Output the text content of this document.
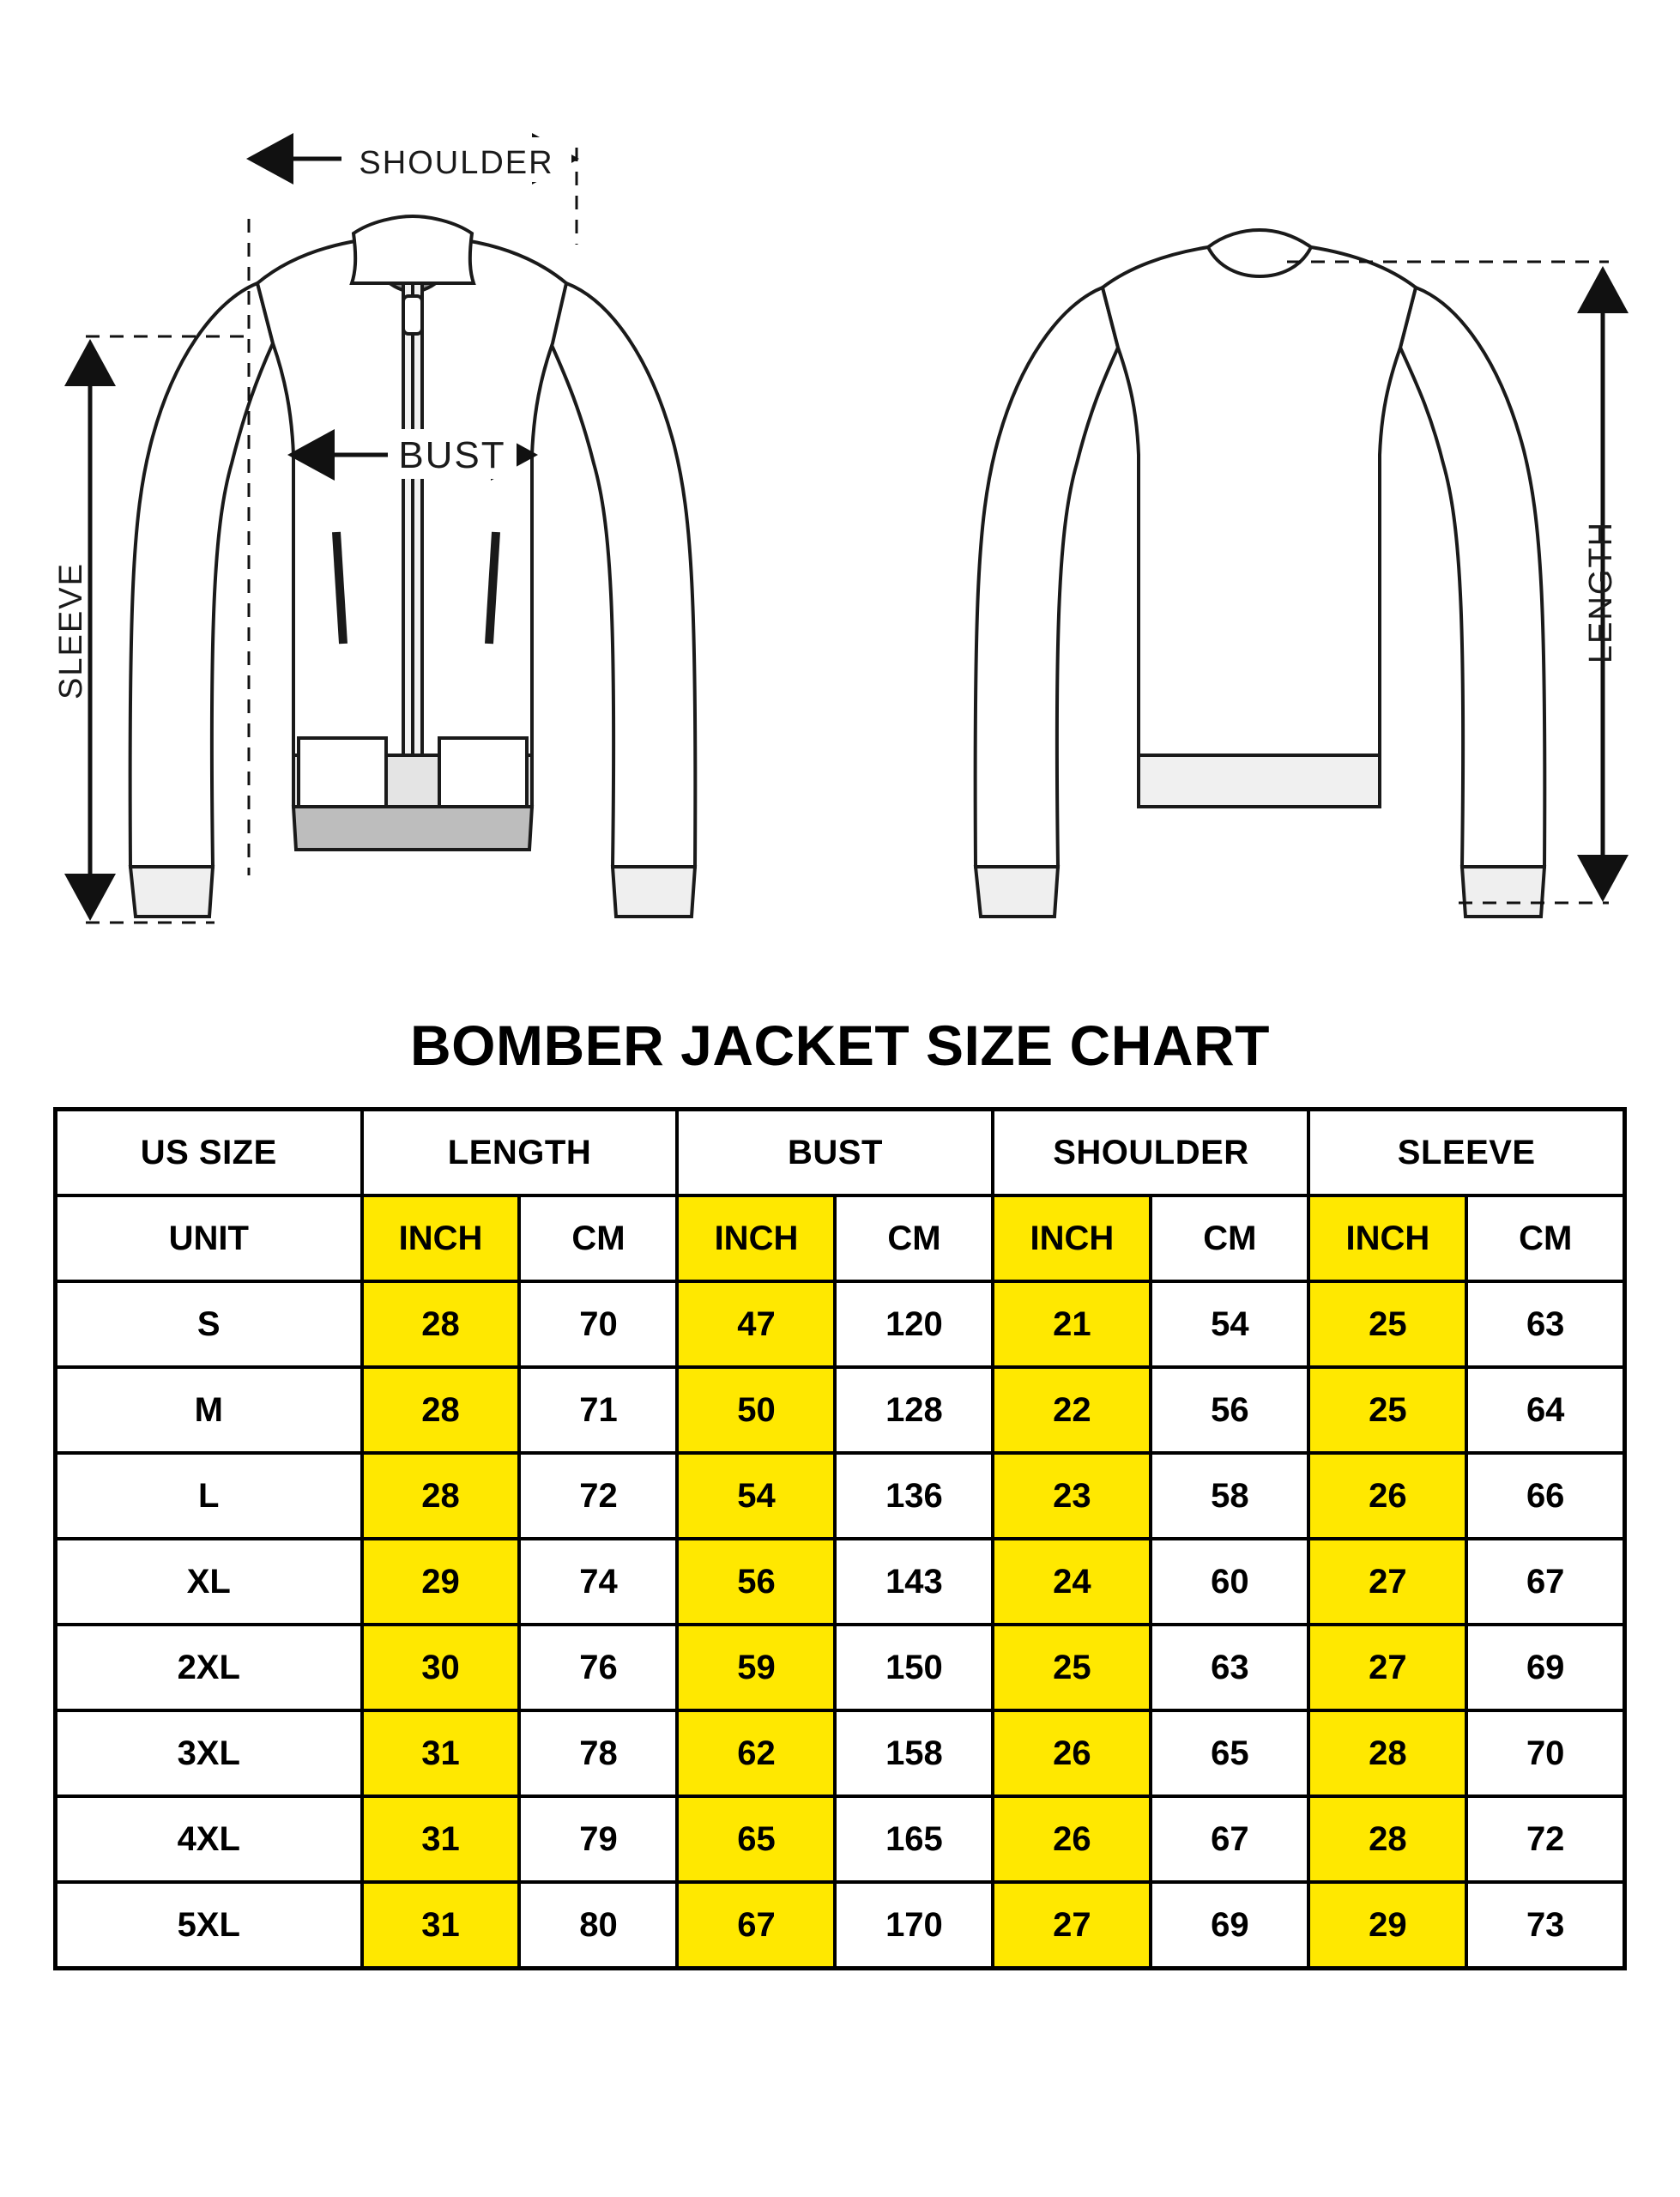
SHOULDER
BUST
SLEEVE	LENGTH
BOMBER JACKET SIZE CHART
US SIZE	LENGTH		BUST		SHOULDER		SLEEVE	
UNIT	INCH	CM	INCH	CM	INCH	CM	INCH	CM
S	28	70	47	120	21	54	25	63
M	28	71	50	128	22	56	25	64
L	28	72	54	136	23	58	26	66
XL	29	74	56	143	24	60	27	67
2XL	30	76	59	150	25	63	27	69
3XL	31	78	62	158	26	65	28	70
4XL	31	79	65	165	26	67	28	72
5XL	31	80	67	170	27	69	29	73
